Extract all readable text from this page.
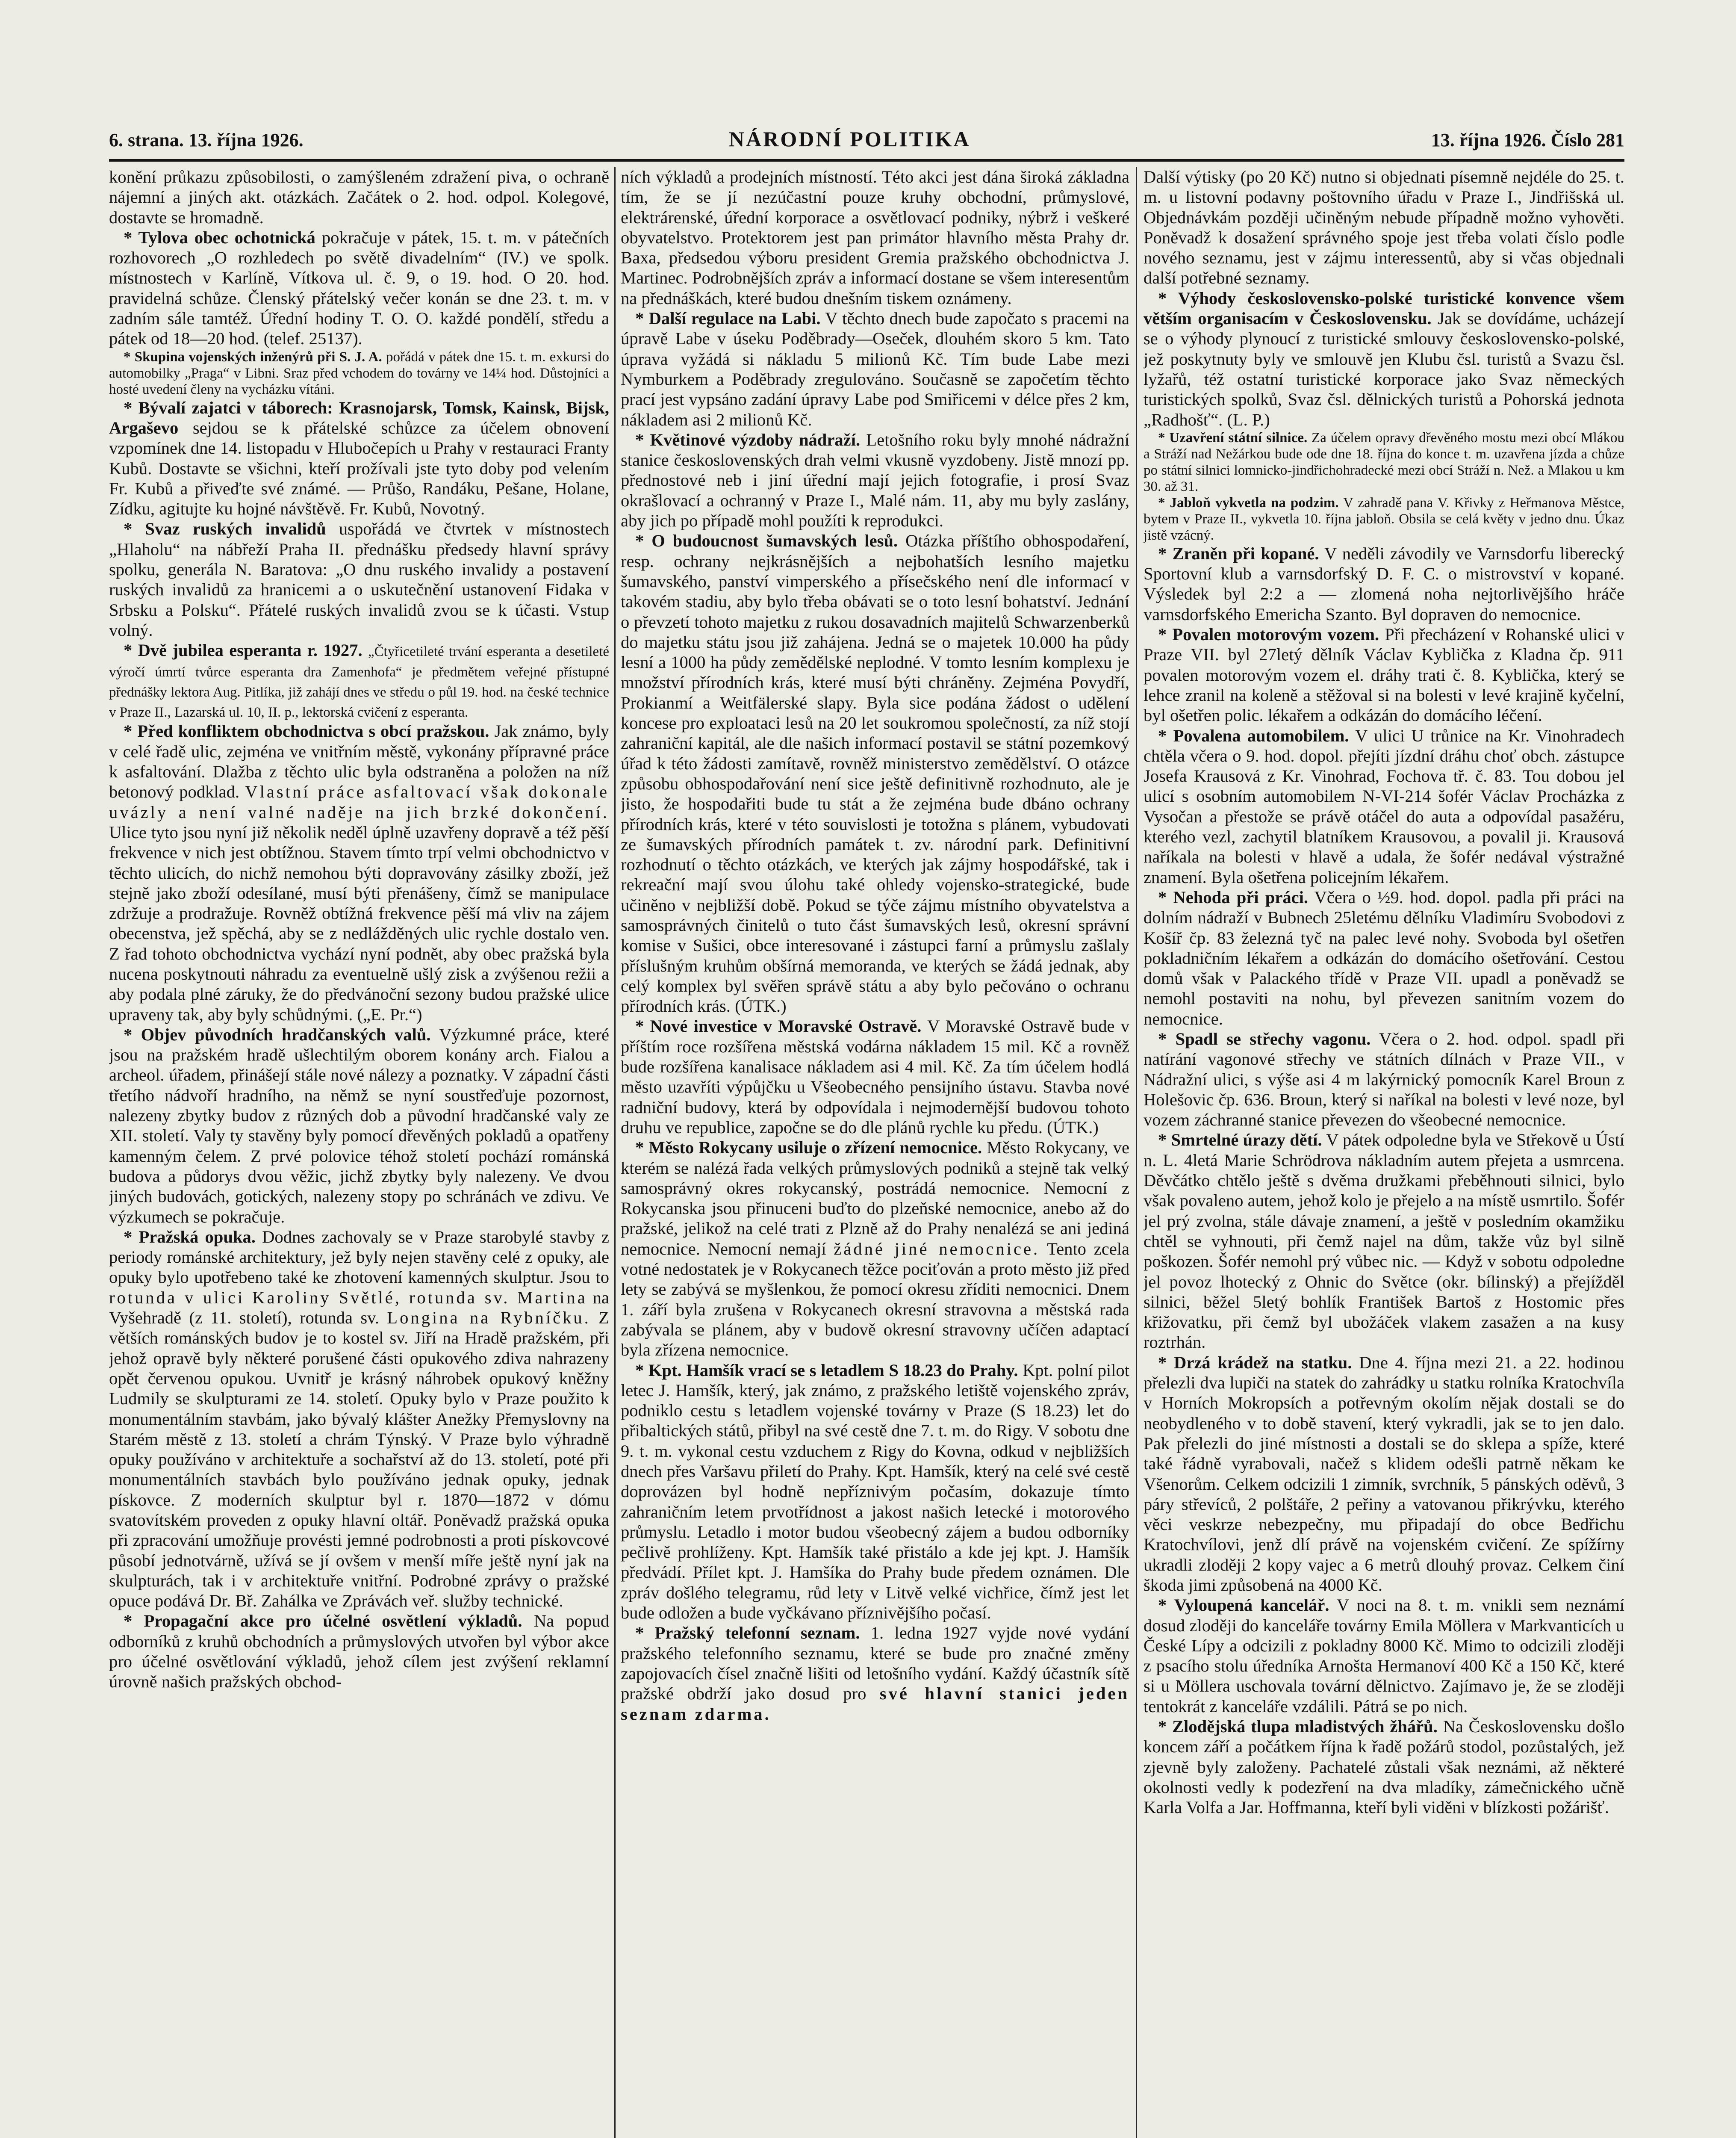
6. strana. 13. října 1926.	NÁRODNÍ POLITIKA	13. října 1926. Číslo 281

konění průkazu způsobilosti, o zamýšleném zdražení piva, o ochraně nájemní a jiných akt. otázkách. Začátek o 2. hod. odpol. Kolegové, dostavte se hromadně.

* Tylova obec ochotnická pokračuje v pátek, 15. t. m. v pátečních rozhovorech „O rozhledech po světě divadelním“ (IV.) ve spolk. místnostech v Karlíně, Vítkova ul. č. 9, o 19. hod. O 20. hod. pravidelná schůze. Členský přátelský večer konán se dne 23. t. m. v zadním sále tamtéž. Úřední hodiny T. O. O. každé pondělí, středu a pátek od 18—20 hod. (telef. 25137).

* Skupina vojenských inženýrů při S. J. A. pořádá v pátek dne 15. t. m. exkursi do automobilky „Praga“ v Libni. Sraz před vchodem do továrny ve 14¼ hod. Důstojníci a hosté uvedení členy na vycházku vítáni.

* Bývalí zajatci v táborech: Krasnojarsk, Tomsk, Kainsk, Bijsk, Argaševo sejdou se k přátelské schůzce za účelem obnovení vzpomínek dne 14. listopadu v Hlubočepích u Prahy v restauraci Franty Kubů. Dostavte se všichni, kteří prožívali jste tyto doby pod velením Fr. Kubů a přiveďte své známé. — Průšo, Randáku, Pešane, Holane, Zídku, agitujte ku hojné návštěvě. Fr. Kubů, Novotný.

* Svaz ruských invalidů uspořádá ve čtvrtek v místnostech „Hlaholu“ na nábřeží Praha II. přednášku předsedy hlavní správy spolku, generála N. Baratova: „O dnu ruského invalidy a postavení ruských invalidů za hranicemi a o uskutečnění ustanovení Fidaka v Srbsku a Polsku“. Přátelé ruských invalidů zvou se k účasti. Vstup volný.

* Dvě jubilea esperanta r. 1927. „Čtyřicetileté trvání esperanta a desetileté výročí úmrtí tvůrce esperanta dra Zamenhofa“ je předmětem veřejné přístupné přednášky lektora Aug. Pitlíka, již zahájí dnes ve středu o půl 19. hod. na české technice v Praze II., Lazarská ul. 10, II. p., lektorská cvičení z esperanta.

* Před konfliktem obchodnictva s obcí pražskou. Jak známo, byly v celé řadě ulic, zejména ve vnitřním městě, vykonány přípravné práce k asfaltování. Dlažba z těchto ulic byla odstraněna a položen na níž betonový podklad. Vlastní práce asfaltovací však dokonale uvázly a není valné naděje na jich brzké dokončení. Ulice tyto jsou nyní již několik neděl úplně uzavřeny dopravě a též pěší frekvence v nich jest obtížnou. Stavem tímto trpí velmi obchodnictvo v těchto ulicích, do nichž nemohou býti dopravovány zásilky zboží, jež stejně jako zboží odesílané, musí býti přenášeny, čímž se manipulace zdržuje a prodražuje. Rovněž obtížná frekvence pěší má vliv na zájem obecenstva, jež spěchá, aby se z nedlážděných ulic rychle dostalo ven. Z řad tohoto obchodnictva vychází nyní podnět, aby obec pražská byla nucena poskytnouti náhradu za eventuelně ušlý zisk a zvýšenou režii a aby podala plné záruky, že do předvánoční sezony budou pražské ulice upraveny tak, aby byly schůdnými. („E. Pr.“)

* Objev původních hradčanských valů. Výzkumné práce, které jsou na pražském hradě ušlechtilým oborem konány arch. Fialou a archeol. úřadem, přinášejí stále nové nálezy a poznatky. V západní části třetího nádvoří hradního, na němž se nyní soustřeďuje pozornost, nalezeny zbytky budov z různých dob a původní hradčanské valy ze XII. století. Valy ty stavěny byly pomocí dřevěných pokladů a opatřeny kamenným čelem. Z prvé polovice téhož století pochází románská budova a půdorys dvou věžic, jichž zbytky byly nalezeny. Ve dvou jiných budovách, gotických, nalezeny stopy po schránách ve zdivu. Ve výzkumech se pokračuje.

* Pražská opuka. Dodnes zachovaly se v Praze starobylé stavby z periody románské architektury, jež byly nejen stavěny celé z opuky, ale opuky bylo upotřebeno také ke zhotovení kamenných skulptur. Jsou to rotunda v ulici Karoliny Světlé, rotunda sv. Martina na Vyšehradě (z 11. století), rotunda sv. Longina na Rybníčku. Z větších románských budov je to kostel sv. Jiří na Hradě pražském, při jehož opravě byly některé porušené části opukového zdiva nahrazeny opět červenou opukou. Uvnitř je krásný náhrobek opukový kněžny Ludmily se skulpturami ze 14. století. Opuky bylo v Praze použito k monumentálním stavbám, jako bývalý klášter Anežky Přemyslovny na Starém městě z 13. století a chrám Týnský. V Praze bylo výhradně opuky používáno v architektuře a sochařství až do 13. století, poté při monumentálních stavbách bylo používáno jednak opuky, jednak pískovce. Z moderních skulptur byl r. 1870—1872 v dómu svatovítském proveden z opuky hlavní oltář. Poněvadž pražská opuka při zpracování umožňuje provésti jemné podrobnosti a proti pískovcové působí jednotvárně, užívá se jí ovšem v menší míře ještě nyní jak na skulpturách, tak i v architektuře vnitřní. Podrobné zprávy o pražské opuce podává Dr. Bř. Zahálka ve Zprávách veř. služby technické.

* Propagační akce pro účelné osvětlení výkladů. Na popud odborníků z kruhů obchodních a průmyslových utvořen byl výbor akce pro účelné osvětlování výkladů, jehož cílem jest zvýšení reklamní úrovně našich pražských obchod-

ních výkladů a prodejních místností. Této akci jest dána široká základna tím, že se jí nezúčastní pouze kruhy obchodní, průmyslové, elektrárenské, úřední korporace a osvětlovací podniky, nýbrž i veškeré obyvatelstvo. Protektorem jest pan primátor hlavního města Prahy dr. Baxa, předsedou výboru president Gremia pražského obchodnictva J. Martinec. Podrobnějších zpráv a informací dostane se všem interesentům na přednáškách, které budou dnešním tiskem oznámeny.

* Další regulace na Labi. V těchto dnech bude započato s pracemi na úpravě Labe v úseku Poděbrady—Oseček, dlouhém skoro 5 km. Tato úprava vyžádá si nákladu 5 milionů Kč. Tím bude Labe mezi Nymburkem a Poděbrady zregulováno. Současně se započetím těchto prací jest vypsáno zadání úpravy Labe pod Smiřicemi v délce přes 2 km, nákladem asi 2 milionů Kč.

* Květinové výzdoby nádraží. Letošního roku byly mnohé nádražní stanice československých drah velmi vkusně vyzdobeny. Jistě mnozí pp. přednostové neb i jiní úřední mají jejich fotografie, i prosí Svaz okrašlovací a ochranný v Praze I., Malé nám. 11, aby mu byly zaslány, aby jich po případě mohl použíti k reprodukci.

* O budoucnost šumavských lesů. Otázka příštího obhospodaření, resp. ochrany nejkrásnějších a nejbohatších lesního majetku šumavského, panství vimperského a přísečského není dle informací v takovém stadiu, aby bylo třeba obávati se o toto lesní bohatství. Jednání o převzetí tohoto majetku z rukou dosavadních majitelů Schwarzenberků do majetku státu jsou již zahájena. Jedná se o majetek 10.000 ha půdy lesní a 1000 ha půdy zemědělské neplodné. V tomto lesním komplexu je množství přírodních krás, které musí býti chráněny. Zejména Povydří, Prokianmí a Weitfälerské slapy. Byla sice podána žádost o udělení koncese pro exploataci lesů na 20 let soukromou společností, za níž stojí zahraniční kapitál, ale dle našich informací postavil se státní pozemkový úřad k této žádosti zamítavě, rovněž ministerstvo zemědělství. O otázce způsobu obhospodařování není sice ještě definitivně rozhodnuto, ale je jisto, že hospodařiti bude tu stát a že zejména bude dbáno ochrany přírodních krás, které v této souvislosti je totožna s plánem, vybudovati ze šumavských přírodních památek t. zv. národní park. Definitivní rozhodnutí o těchto otázkách, ve kterých jak zájmy hospodářské, tak i rekreační mají svou úlohu také ohledy vojensko-strategické, bude učiněno v nejbližší době. Pokud se týče zájmu místního obyvatelstva a samosprávných činitelů o tuto část šumavských lesů, okresní správní komise v Sušici, obce interesované i zástupci farní a průmyslu zašlaly příslušným kruhům obšírná memoranda, ve kterých se žádá jednak, aby celý komplex byl svěřen správě státu a aby bylo pečováno o ochranu přírodních krás. (ÚTK.)

* Nové investice v Moravské Ostravě. V Moravské Ostravě bude v příštím roce rozšířena městská vodárna nákladem 15 mil. Kč a rovněž bude rozšířena kanalisace nákladem asi 4 mil. Kč. Za tím účelem hodlá město uzavříti výpůjčku u Všeobecného pensijního ústavu. Stavba nové radniční budovy, která by odpovídala i nejmodernější budovou tohoto druhu ve republice, započne se do dle plánů rychle ku předu. (ÚTK.)

* Město Rokycany usiluje o zřízení nemocnice. Město Rokycany, ve kterém se nalézá řada velkých průmyslových podniků a stejně tak velký samosprávný okres rokycanský, postrádá nemocnice. Nemocní z Rokycanska jsou přinuceni buďto do plzeňské nemocnice, anebo až do pražské, jelikož na celé trati z Plzně až do Prahy nenalézá se ani jediná nemocnice. Nemocní nemají žádné jiné nemocnice. Tento zcela votné nedostatek je v Rokycanech těžce pociťován a proto město již před lety se zabývá se myšlenkou, že pomocí okresu zříditi nemocnici. Dnem 1. září byla zrušena v Rokycanech okresní stravovna a městská rada zabývala se plánem, aby v budově okresní stravovny učíčen adaptací byla zřízena nemocnice.

* Kpt. Hamšík vrací se s letadlem S 18.23 do Prahy. Kpt. polní pilot letec J. Hamšík, který, jak známo, z pražského letiště vojenského zpráv, podniklo cestu s letadlem vojenské továrny v Praze (S 18.23) let do přibaltických států, přibyl na své cestě dne 7. t. m. do Rigy. V sobotu dne 9. t. m. vykonal cestu vzduchem z Rigy do Kovna, odkud v nejbližších dnech přes Varšavu přiletí do Prahy. Kpt. Hamšík, který na celé své cestě doprovázen byl hodně nepříznivým počasím, dokazuje tímto zahraničním letem prvotřídnost a jakost našich letecké i motorového průmyslu. Letadlo i motor budou všeobecný zájem a budou odborníky pečlivě prohlíženy. Kpt. Hamšík také přistálo a kde jej kpt. J. Hamšík předvádí. Přílet kpt. J. Hamšíka do Prahy bude předem oznámen. Dle zpráv došlého telegramu, růd lety v Litvě velké vichřice, čímž jest let bude odložen a bude vyčkávano příznivějšího počasí.

* Pražský telefonní seznam. 1. ledna 1927 vyjde nové vydání pražského telefonního seznamu, které se bude pro značné změny zapojovacích čísel značně lišiti od letošního vydání. Každý účastník sítě pražské obdrží jako dosud pro své hlavní stanici jeden seznam zdarma.

Další výtisky (po 20 Kč) nutno si objednati písemně nejdéle do 25. t. m. u listovní podavny poštovního úřadu v Praze I., Jindřišská ul. Objednávkám později učiněným nebude případně možno vyhověti. Poněvadž k dosažení správného spoje jest třeba volati číslo podle nového seznamu, jest v zájmu interessentů, aby si včas objednali další potřebné seznamy.

* Výhody československo-polské turistické konvence všem větším organisacím v Československu. Jak se dovídáme, ucházejí se o výhody plynoucí z turistické smlouvy československo-polské, jež poskytnuty byly ve smlouvě jen Klubu čsl. turistů a Svazu čsl. lyžařů, též ostatní turistické korporace jako Svaz německých turistických spolků, Svaz čsl. dělnických turistů a Pohorská jednota „Radhošť“. (L. P.)

* Uzavření státní silnice. Za účelem opravy dřevěného mostu mezi obcí Mlákou a Stráží nad Nežárkou bude ode dne 18. října do konce t. m. uzavřena jízda a chůze po státní silnici lomnicko-jindřichohradecké mezi obcí Stráží n. Než. a Mlakou u km 30. až 31.

* Jabloň vykvetla na podzim. V zahradě pana V. Křivky z Heřmanova Městce, bytem v Praze II., vykvetla 10. října jabloň. Obsila se celá květy v jedno dnu. Úkaz jistě vzácný.

* Zraněn při kopané. V neděli závodily ve Varnsdorfu liberecký Sportovní klub a varnsdorfský D. F. C. o mistrovství v kopané. Výsledek byl 2:2 a — zlomená noha nejtorlivějšího hráče varnsdorfského Emericha Szanto. Byl dopraven do nemocnice.

* Povalen motorovým vozem. Při přecházení v Rohanské ulici v Praze VII. byl 27letý dělník Václav Kyblička z Kladna čp. 911 povalen motorovým vozem el. dráhy trati č. 8. Kyblička, který se lehce zranil na koleně a stěžoval si na bolesti v levé krajině kyčelní, byl ošetřen polic. lékařem a odkázán do domácího léčení.

* Povalena automobilem. V ulici U trůnice na Kr. Vinohradech chtěla včera o 9. hod. dopol. přejíti jízdní dráhu choť obch. zástupce Josefa Krausová z Kr. Vinohrad, Fochova tř. č. 83. Tou dobou jel ulicí s osobním automobilem N-VI-214 šofér Václav Procházka z Vysočan a přestože se právě otáčel do auta a odpovídal pasažéru, kterého vezl, zachytil blatníkem Krausovou, a povalil ji. Krausová naříkala na bolesti v hlavě a udala, že šofér nedával výstražné znamení. Byla ošetřena policejním lékařem.

* Nehoda při práci. Včera o ½9. hod. dopol. padla při práci na dolním nádraží v Bubnech 25letému dělníku Vladimíru Svobodovi z Košíř čp. 83 železná tyč na palec levé nohy. Svoboda byl ošetřen pokladničním lékařem a odkázán do domácího ošetřování. Cestou domů však v Palackého třídě v Praze VII. upadl a poněvadž se nemohl postaviti na nohu, byl převezen sanitním vozem do nemocnice.

* Spadl se střechy vagonu. Včera o 2. hod. odpol. spadl při natírání vagonové střechy ve státních dílnách v Praze VII., v Nádražní ulici, s výše asi 4 m lakýrnický pomocník Karel Broun z Holešovic čp. 636. Broun, který si naříkal na bolesti v levé noze, byl vozem záchranné stanice převezen do všeobecné nemocnice.

* Smrtelné úrazy dětí. V pátek odpoledne byla ve Střekově u Ústí n. L. 4letá Marie Schrödrova nákladním autem přejeta a usmrcena. Děvčátko chtělo ještě s dvěma družkami přeběhnouti silnici, bylo však povaleno autem, jehož kolo je přejelo a na místě usmrtilo. Šofér jel prý zvolna, stále dávaje znamení, a ještě v posledním okamžiku chtěl se vyhnouti, při čemž najel na dům, takže vůz byl silně poškozen. Šofér nemohl prý vůbec nic. — Když v sobotu odpoledne jel povoz lhotecký z Ohnic do Světce (okr. bílinský) a přejížděl silnici, běžel 5letý bohlík František Bartoš z Hostomic přes křižovatku, při čemž byl ubožáček vlakem zasažen a na kusy roztrhán.

* Drzá krádež na statku. Dne 4. října mezi 21. a 22. hodinou přelezli dva lupiči na statek do zahrádky u statku rolníka Kratochvíla v Horních Mokropsích a potřevným okolím nějak dostali se do neobydleného v to době stavení, který vykradli, jak se to jen dalo. Pak přelezli do jiné místnosti a dostali se do sklepa a spíže, které také řádně vyrabovali, načež s klidem odešli patrně někam ke Všenorům. Celkem odcizili 1 zimník, svrchník, 5 pánských oděvů, 3 páry střevíců, 2 polštáře, 2 peřiny a vatovanou přikrývku, kterého věci veskrze nebezpečny, mu připadají do obce Bedřichu Kratochvílovi, jenž dlí právě na vojenském cvičení. Ze spížírny ukradli zloději 2 kopy vajec a 6 metrů dlouhý provaz. Celkem činí škoda jimi způsobená na 4000 Kč.

* Vyloupená kancelář. V noci na 8. t. m. vnikli sem neznámí dosud zloději do kanceláře továrny Emila Möllera v Markvanticích u České Lípy a odcizili z pokladny 8000 Kč. Mimo to odcizili zloději z psacího stolu úředníka Arnošta Hermanoví 400 Kč a 150 Kč, které si u Möllera uschovala tovární dělnictvo. Zajímavo je, že se zloději tentokrát z kanceláře vzdálili. Pátrá se po nich.

* Zlodějská tlupa mladistvých žhářů. Na Československu došlo koncem září a počátkem října k řadě požárů stodol, pozůstalých, jež zjevně byly založeny. Pachatelé zůstali však neznámi, až některé okolnosti vedly k podezření na dva mladíky, zámečnického učně Karla Volfa a Jar. Hoffmanna, kteří byli viděni v blízkosti požárišť.
